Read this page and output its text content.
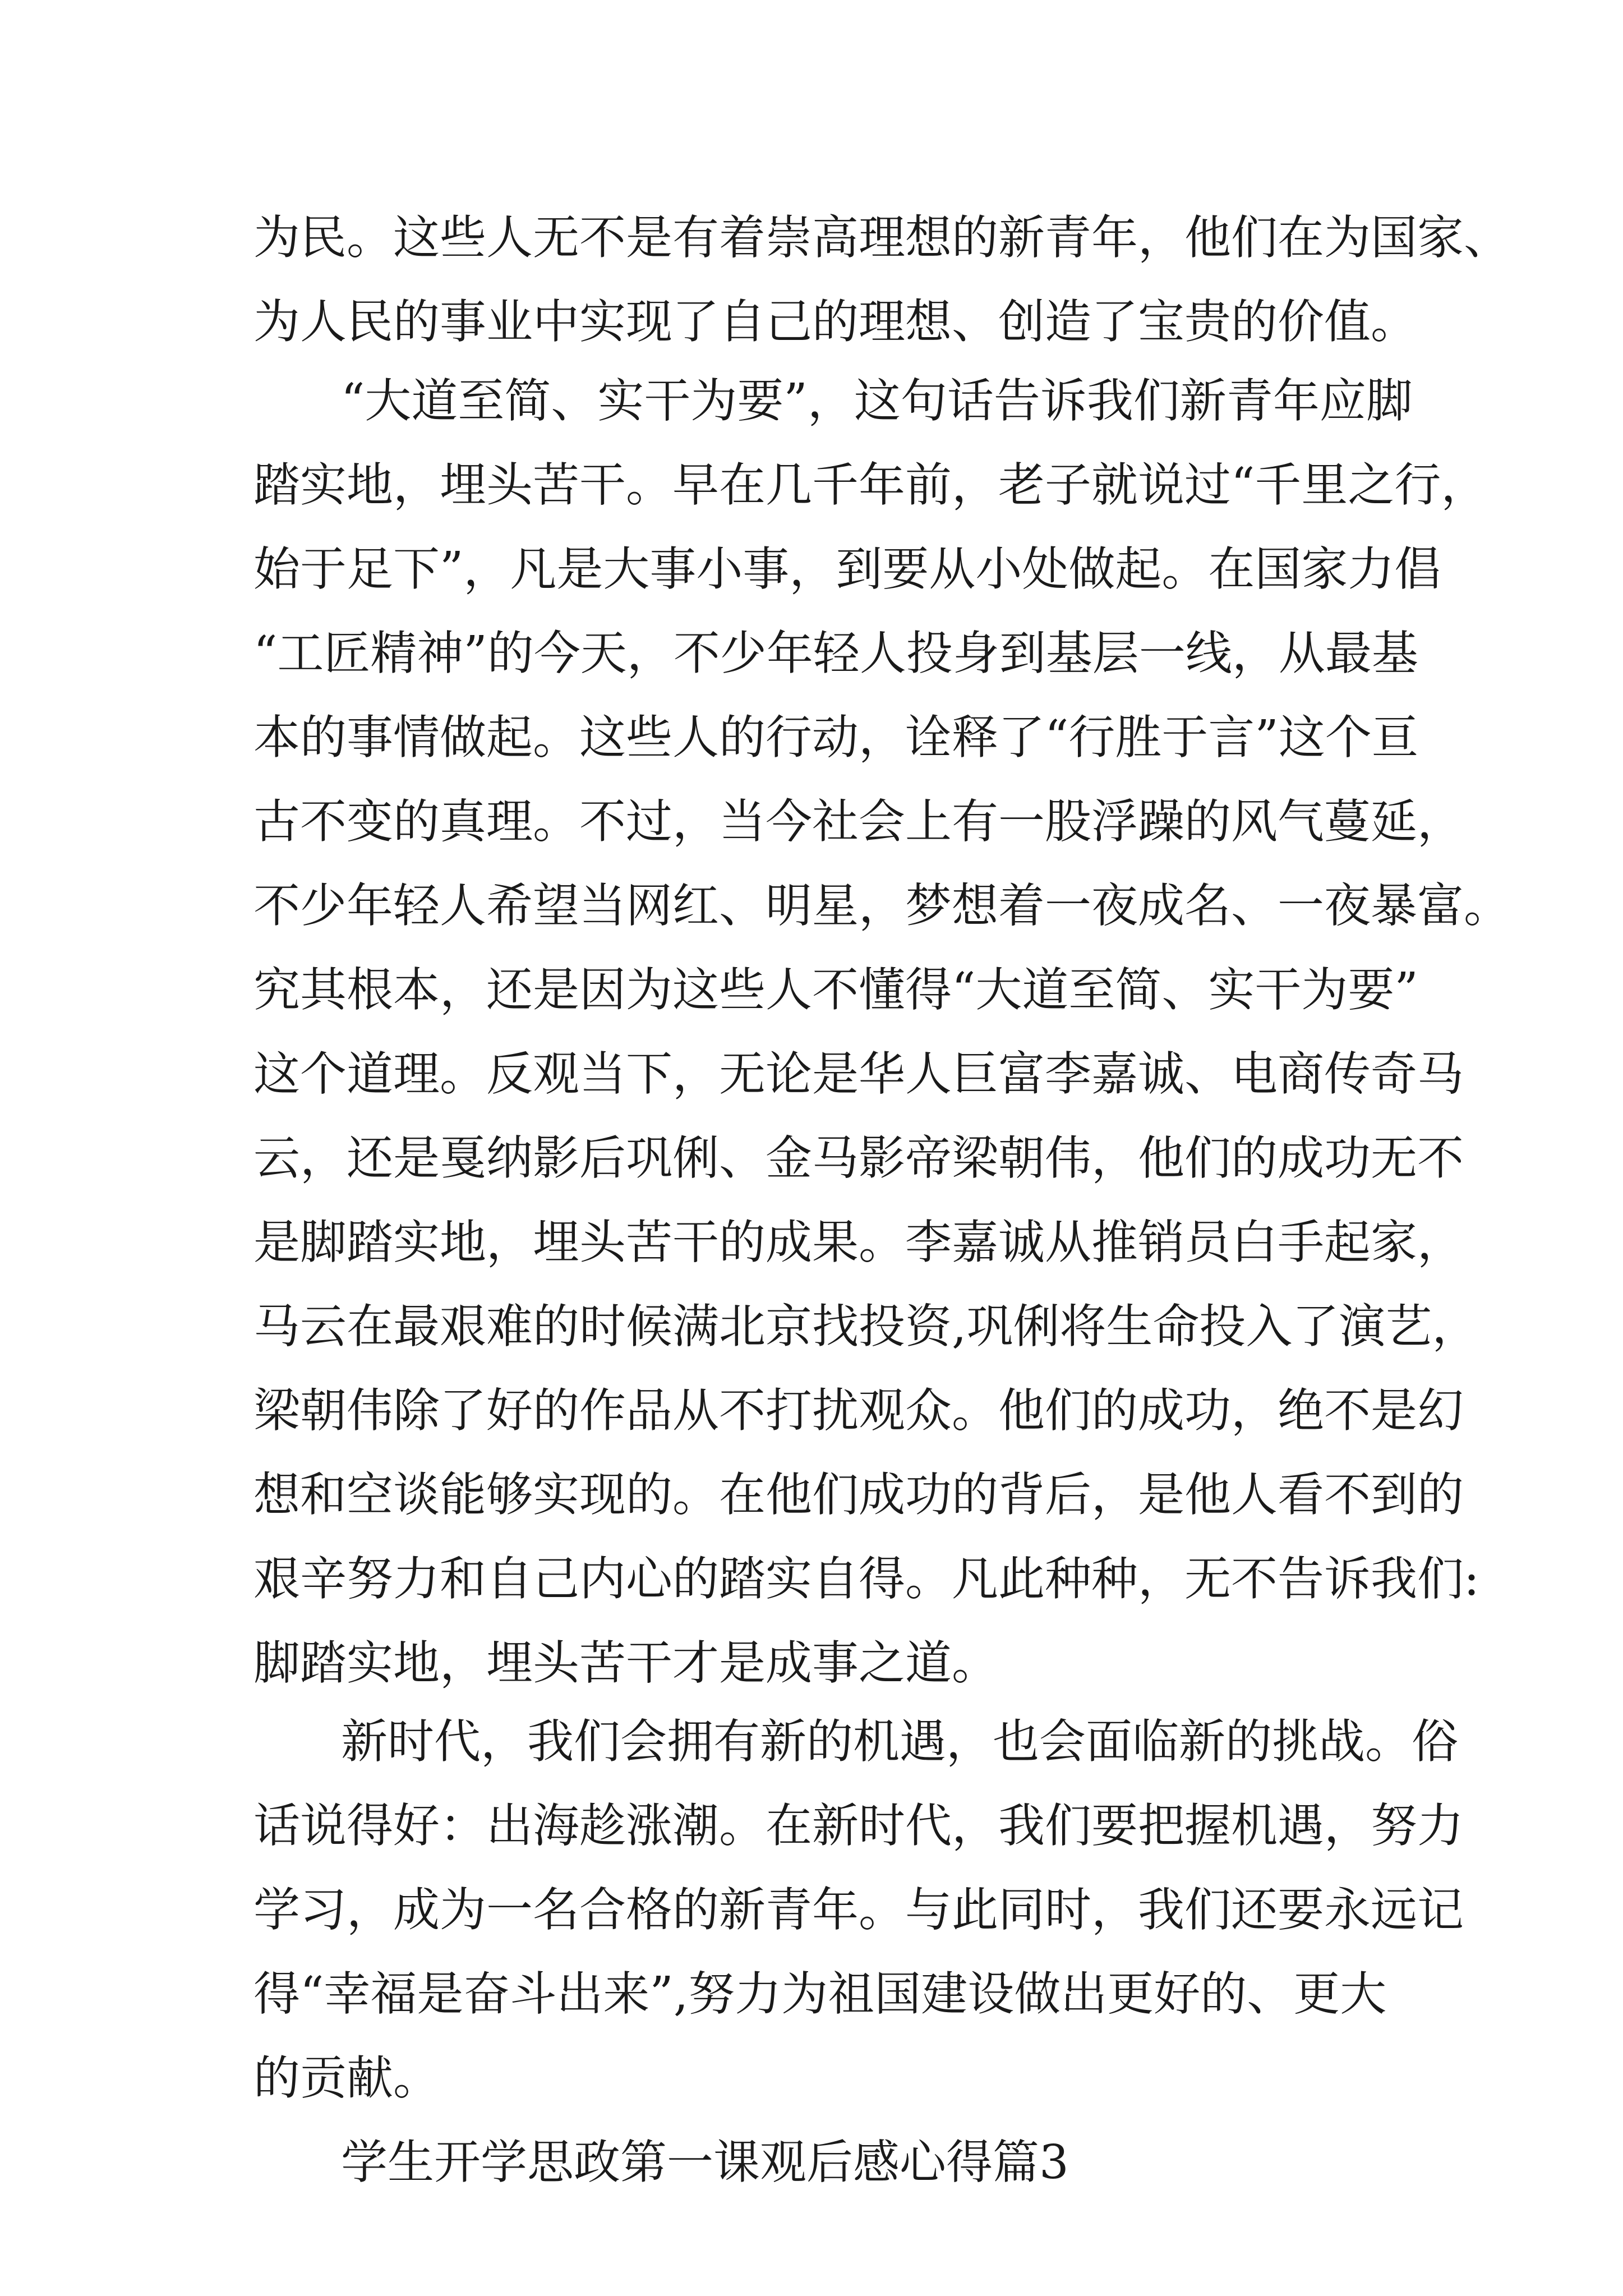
为民。这些人无不是有着崇高理想的新青年，他们在为国家、

为人民的事业中实现了自己的理想、创造了宝贵的价值。

“大道至简、实干为要”，这句话告诉我们新青年应脚

踏实地，埋头苦干。早在几千年前，老子就说过“千里之行，

始于足下”，凡是大事小事，到要从小处做起。在国家力倡

“工匠精神”的今天，不少年轻人投身到基层一线，从最基

本的事情做起。这些人的行动，诠释了“行胜于言”这个亘

古不变的真理。不过，当今社会上有一股浮躁的风气蔓延，

不少年轻人希望当网红、明星，梦想着一夜成名、一夜暴富。

究其根本，还是因为这些人不懂得“大道至简、实干为要”

这个道理。反观当下，无论是华人巨富李嘉诚、电商传奇马

云，还是戛纳影后巩俐、金马影帝梁朝伟，他们的成功无不

是脚踏实地，埋头苦干的成果。李嘉诚从推销员白手起家，

马云在最艰难的时候满北京找投资,巩俐将生命投入了演艺，

梁朝伟除了好的作品从不打扰观众。他们的成功，绝不是幻

想和空谈能够实现的。在他们成功的背后，是他人看不到的

艰辛努力和自己内心的踏实自得。凡此种种，无不告诉我们:

脚踏实地，埋头苦干才是成事之道。

新时代，我们会拥有新的机遇，也会面临新的挑战。俗

话说得好：出海趁涨潮。在新时代，我们要把握机遇，努力

学习，成为一名合格的新青年。与此同时，我们还要永远记

得“幸福是奋斗出来”,努力为祖国建设做出更好的、更大

的贡献。

学生开学思政第一课观后感心得篇3
